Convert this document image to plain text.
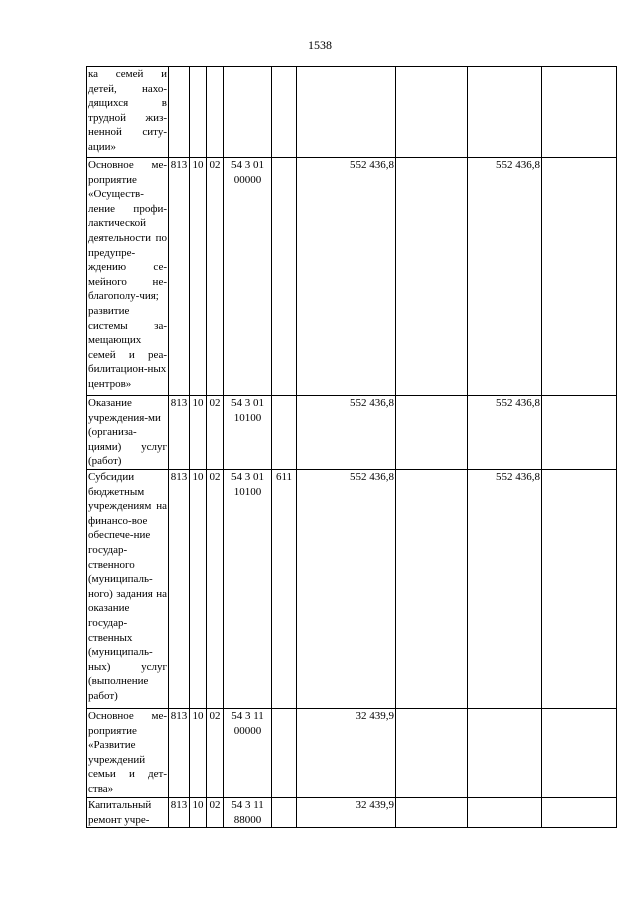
1538
ка семей и детей, нахо-дящихся в трудной жиз-ненной ситу-ации»									
Основное ме-роприятие «Осуществ-ление профи-лактической деятельности по предупре-ждению се-мейного не-благополу-чия; развитие системы за-мещающих семей и реа-билитацион-ных центров»	813	10	02	54 3 01 00000		552 436,8		552 436,8	
Оказание учреждения-ми (организа-циями) услуг (работ)	813	10	02	54 3 01 10100		552 436,8		552 436,8	
Субсидии бюджетным учреждениям на финансо-вое обеспече-ние государ-ственного (муниципаль-ного) задания на оказание государ-ственных (муниципаль-ных) услуг (выполнение работ)	813	10	02	54 3 01 10100	611	552 436,8		552 436,8	
Основное ме-роприятие «Развитие учреждений семьи и дет-ства»	813	10	02	54 3 11 00000		32 439,9			
Капитальный ремонт учре-	813	10	02	54 3 11 88000		32 439,9			
